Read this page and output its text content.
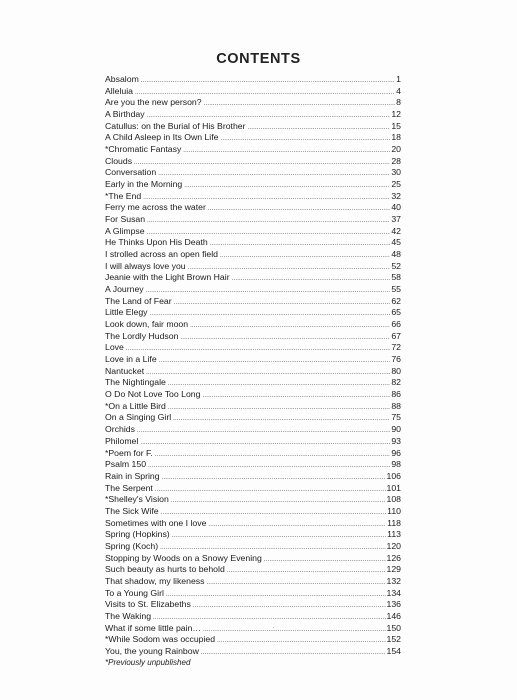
CONTENTS
Absalom .....	1
Alleluia .....	4
Are you the new person? .....	8
A Birthday .....	12
Catullus: on the Burial of His Brother .....	15
A Child Asleep in Its Own Life .....	18
*Chromatic Fantasy .....	20
Clouds .....	28
Conversation .....	30
Early in the Morning .....	25
*The End .....	32
Ferry me across the water .....	40
For Susan .....	37
A Glimpse .....	42
He Thinks Upon His Death .....	45
I strolled across an open field .....	48
I will always love you .....	52
Jeanie with the Light Brown Hair .....	58
A Journey .....	55
The Land of Fear .....	62
Little Elegy .....	65
Look down, fair moon .....	66
The Lordly Hudson .....	67
Love .....	72
Love in a Life .....	76
Nantucket .....	80
The Nightingale .....	82
O Do Not Love Too Long .....	86
*On a Little Bird .....	88
On a Singing Girl .....	75
Orchids .....	90
Philomel .....	93
*Poem for F. .....	96
Psalm 150 .....	98
Rain in Spring .....	106
The Serpent .....	101
*Shelley's Vision .....	108
The Sick Wife .....	110
Sometimes with one I love .....	118
Spring (Hopkins) .....	113
Spring (Koch) .....	120
Stopping by Woods on a Snowy Evening .....	126
Such beauty as hurts to behold .....	129
That shadow, my likeness .....	132
To a Young Girl .....	134
Visits to St. Elizabeths .....	136
The Waking .....	146
What if some little pain… .....	150
*While Sodom was occupied .....	152
You, the young Rainbow .....	154
*Previously unpublished
·
